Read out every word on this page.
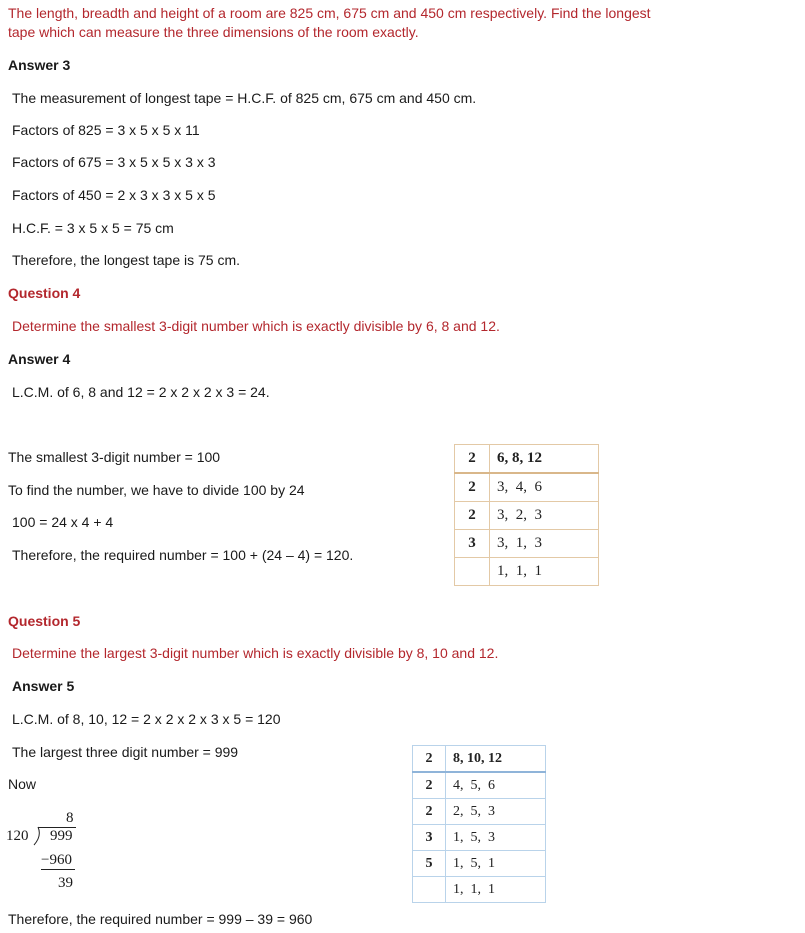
The length, breadth and height of a room are 825 cm, 675 cm and 450 cm respectively. Find the longest
tape which can measure the three dimensions of the room exactly.
Answer 3
The measurement of longest tape = H.C.F. of 825 cm, 675 cm and 450 cm.
Factors of 825 = 3 x 5 x 5 x 11
Factors of 675 = 3 x 5 x 5 x 3 x 3
Factors of 450 = 2 x 3 x 3 x 5 x 5
H.C.F. = 3 x 5 x 5 = 75 cm
Therefore, the longest tape is 75 cm.
Question 4
Determine the smallest 3-digit number which is exactly divisible by 6, 8 and 12.
Answer 4
L.C.M. of 6, 8 and 12 = 2 x 2 x 2 x 3 = 24.
The smallest 3-digit number = 100
To find the number, we have to divide 100 by 24
100 = 24 x 4 + 4
Therefore, the required number = 100 + (24 – 4) = 120.
2	6, 8, 12
2	3,  4,  6
2	3,  2,  3
3	3,  1,  3
	1,  1,  1
Question 5
Determine the largest 3-digit number which is exactly divisible by 8, 10 and 12.
Answer 5
L.C.M. of 8, 10, 12 = 2 x 2 x 2 x 3 x 5 = 120
The largest three digit number = 999
Now
8
120 999
−960
39
2	8, 10, 12
2	4,  5,  6
2	2,  5,  3
3	1,  5,  3
5	1,  5,  1
	1,  1,  1
Therefore, the required number = 999 – 39 = 960
